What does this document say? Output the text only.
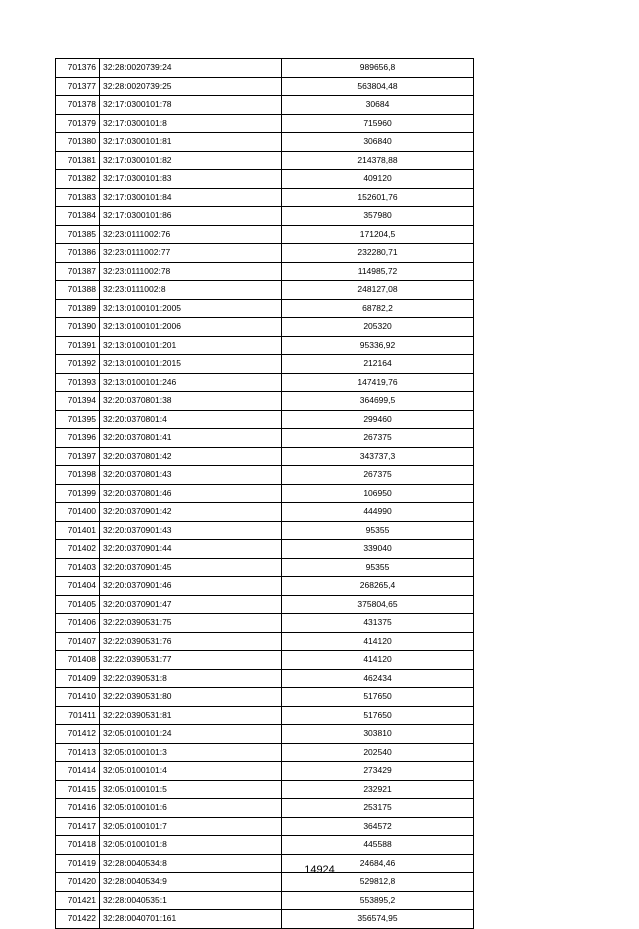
701376	32:28:0020739:24	989656,8
701377	32:28:0020739:25	563804,48
701378	32:17:0300101:78	30684
701379	32:17:0300101:8	715960
701380	32:17:0300101:81	306840
701381	32:17:0300101:82	214378,88
701382	32:17:0300101:83	409120
701383	32:17:0300101:84	152601,76
701384	32:17:0300101:86	357980
701385	32:23:0111002:76	171204,5
701386	32:23:0111002:77	232280,71
701387	32:23:0111002:78	114985,72
701388	32:23:0111002:8	248127,08
701389	32:13:0100101:2005	68782,2
701390	32:13:0100101:2006	205320
701391	32:13:0100101:201	95336,92
701392	32:13:0100101:2015	212164
701393	32:13:0100101:246	147419,76
701394	32:20:0370801:38	364699,5
701395	32:20:0370801:4	299460
701396	32:20:0370801:41	267375
701397	32:20:0370801:42	343737,3
701398	32:20:0370801:43	267375
701399	32:20:0370801:46	106950
701400	32:20:0370901:42	444990
701401	32:20:0370901:43	95355
701402	32:20:0370901:44	339040
701403	32:20:0370901:45	95355
701404	32:20:0370901:46	268265,4
701405	32:20:0370901:47	375804,65
701406	32:22:0390531:75	431375
701407	32:22:0390531:76	414120
701408	32:22:0390531:77	414120
701409	32:22:0390531:8	462434
701410	32:22:0390531:80	517650
701411	32:22:0390531:81	517650
701412	32:05:0100101:24	303810
701413	32:05:0100101:3	202540
701414	32:05:0100101:4	273429
701415	32:05:0100101:5	232921
701416	32:05:0100101:6	253175
701417	32:05:0100101:7	364572
701418	32:05:0100101:8	445588
701419	32:28:0040534:8	24684,46
701420	32:28:0040534:9	529812,8
701421	32:28:0040535:1	553895,2
701422	32:28:0040701:161	356574,95
14924
